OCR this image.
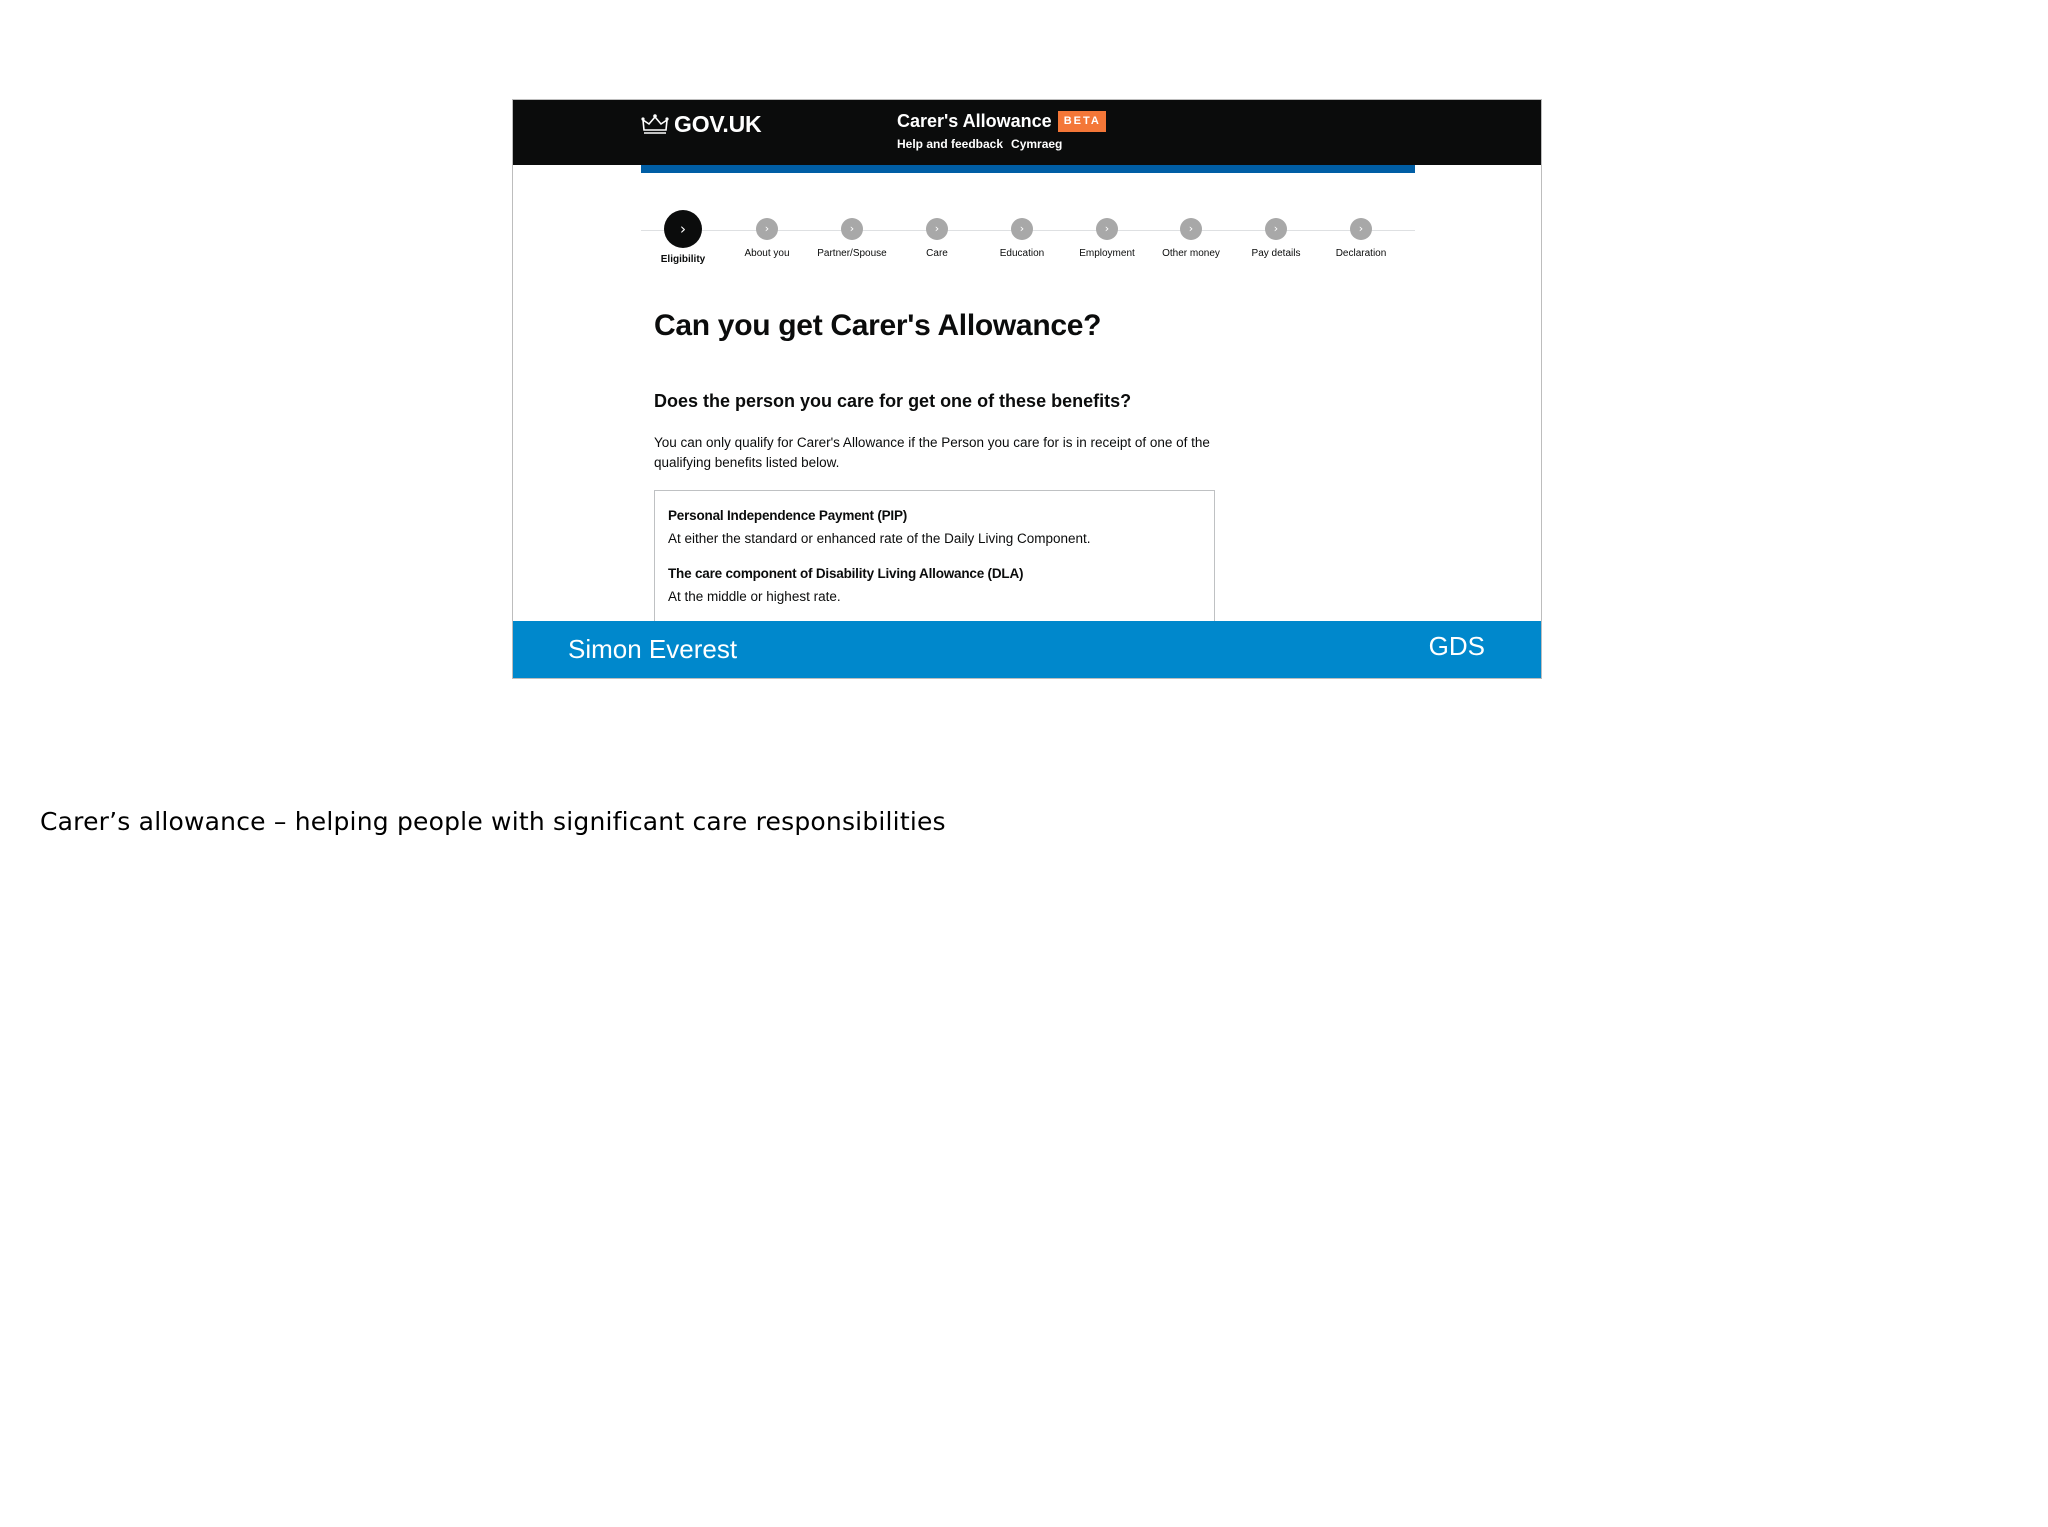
GOV.UK	Carer's Allowance	BETA
Help and feedback Cymraeg
›
Eligibility
›
About you
›
Partner/Spouse
›
Care
›
Education
›
Employment
›
Other money
›
Pay details
›
Declaration
Can you get Carer's Allowance?
Does the person you care for get one of these benefits?

You can only qualify for Carer's Allowance if the Person you care for is in receipt of one of the qualifying benefits listed below.

Personal Independence Payment (PIP)
At either the standard or enhanced rate of the Daily Living Component.
The care component of Disability Living Allowance (DLA)
At the middle or highest rate.
Simon Everest	GDS

Carer’s allowance – helping people with significant care responsibilities
